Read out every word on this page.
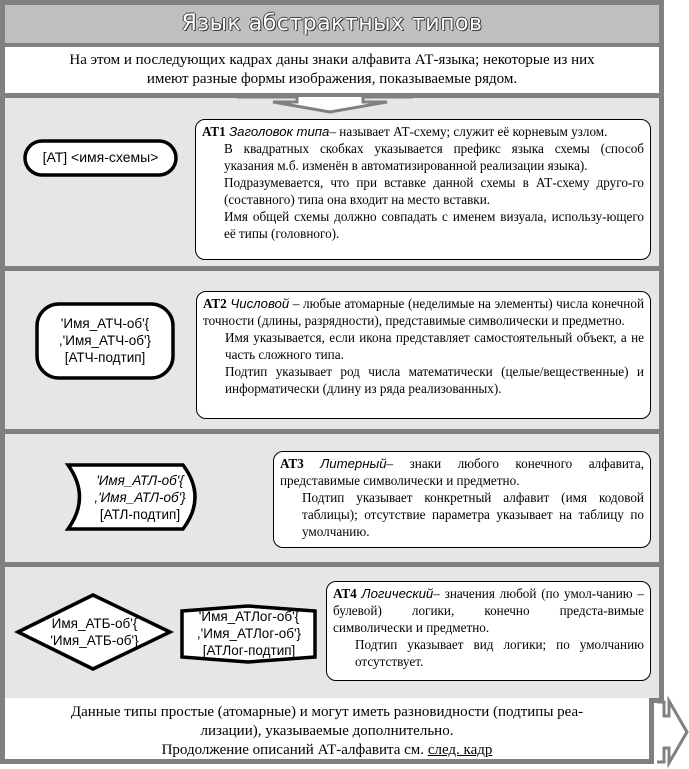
Язык абстрактных типов
На этом и последующих кадрах даны знаки алфавита АТ-языка; некоторые из них
имеют разные формы изображения, показываемые рядом.
[АТ] <имя-схемы>
АТ1 Заголовок типа– называет АТ-схему; служит её корневым узлом.
В квадратных скобках указывается префикс языка схемы (способ указания м.б. изменён в автоматизированной реализации языка).
Подразумевается, что при вставке данной схемы в АТ-схему друго-го (составного) типа она входит на место вставки.
Имя общей схемы должно совпадать с именем визуала, использу-ющего её типы (головного).
'Имя_АТЧ-об'{
,'Имя_АТЧ-об'}
[АТЧ-подтип]
АТ2 Числовой – любые атомарные (неделимые на элементы) числа конечной точности (длины, разрядности), представимые символически и предметно.
Имя указывается, если икона представляет самостоятельный объект, а не часть сложного типа.
Подтип указывает род числа математически (целые/вещественные) и информатически (длину из ряда реализованных).
'Имя_АТЛ-об'{
,'Имя_АТЛ-об'}
[АТЛ-подтип]
АТ3 Литерный– знаки любого конечного алфавита, представимые символически и предметно.
Подтип указывает конкретный алфавит (имя кодовой таблицы); отсутствие параметра указывает на таблицу по умолчанию.
Имя_АТБ-об'{
'Имя_АТБ-об'}
'Имя_АТЛог-об'{
,'Имя_АТЛог-об'}
[АТЛог-подтип]
АТ4 Логический– значения любой (по умол-чанию – булевой) логики, конечно предста-вимые символически и предметно.
Подтип указывает вид логики; по умолчанию отсутствует.
Данные типы простые (атомарные) и могут иметь разновидности (подтипы реа-
лизации), указываемые дополнительно.
Продолжение описаний АТ-алфавита см. след. кадр
